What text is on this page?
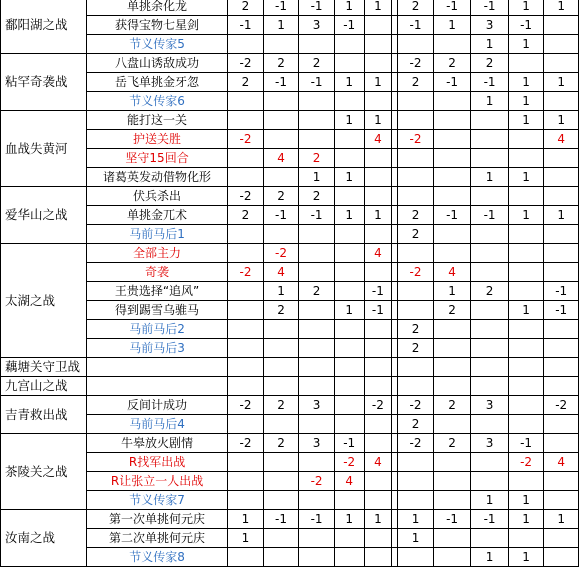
鄱阳湖之战	单挑余化龙	2	-1	-1	1	1		2	-1	-1	1	1
	获得宝物七星剑	-1	1	3	-1			-1	1	3	-1	
	节义传家5									1	1	
粘罕奇袭战	八盘山诱敌成功	-2	2	2				-2	2	2		
	岳飞单挑金牙忽	2	-1	-1	1	1		2	-1	-1	1	1
	节义传家6									1	1	
血战失黄河	能打这一关				1	1					1	1
	护送关胜	-2				4		-2				4
	坚守15回合		4	2								
	诸葛英发动借物化形			1	1					1	1	
爱华山之战	伏兵杀出	-2	2	2								
	单挑金兀术	2	-1	-1	1	1		2	-1	-1	1	1
	马前马后1							2				
太湖之战	全部主力		-2			4						
	奇袭	-2	4					-2	4			
	王贵选择“追风”		1	2		-1			1	2		-1
	得到踢雪乌骓马		2		1	-1			2		1	-1
	马前马后2							2				
	马前马后3							2				
藕塘关守卫战												
九宫山之战												
吉青救出战	反间计成功	-2	2	3		-2		-2	2	3		-2
	马前马后4							2				
茶陵关之战	牛皋放火剧情	-2	2	3	-1			-2	2	3	-1	
	R找军出战				-2	4					-2	4
	R让张立一人出战			-2	4							
	节义传家7									1	1	
汝南之战	第一次单挑何元庆	1	-1	-1	1	1		1	-1	-1	1	1
	第二次单挑何元庆	1						1				
	节义传家8									1	1	
